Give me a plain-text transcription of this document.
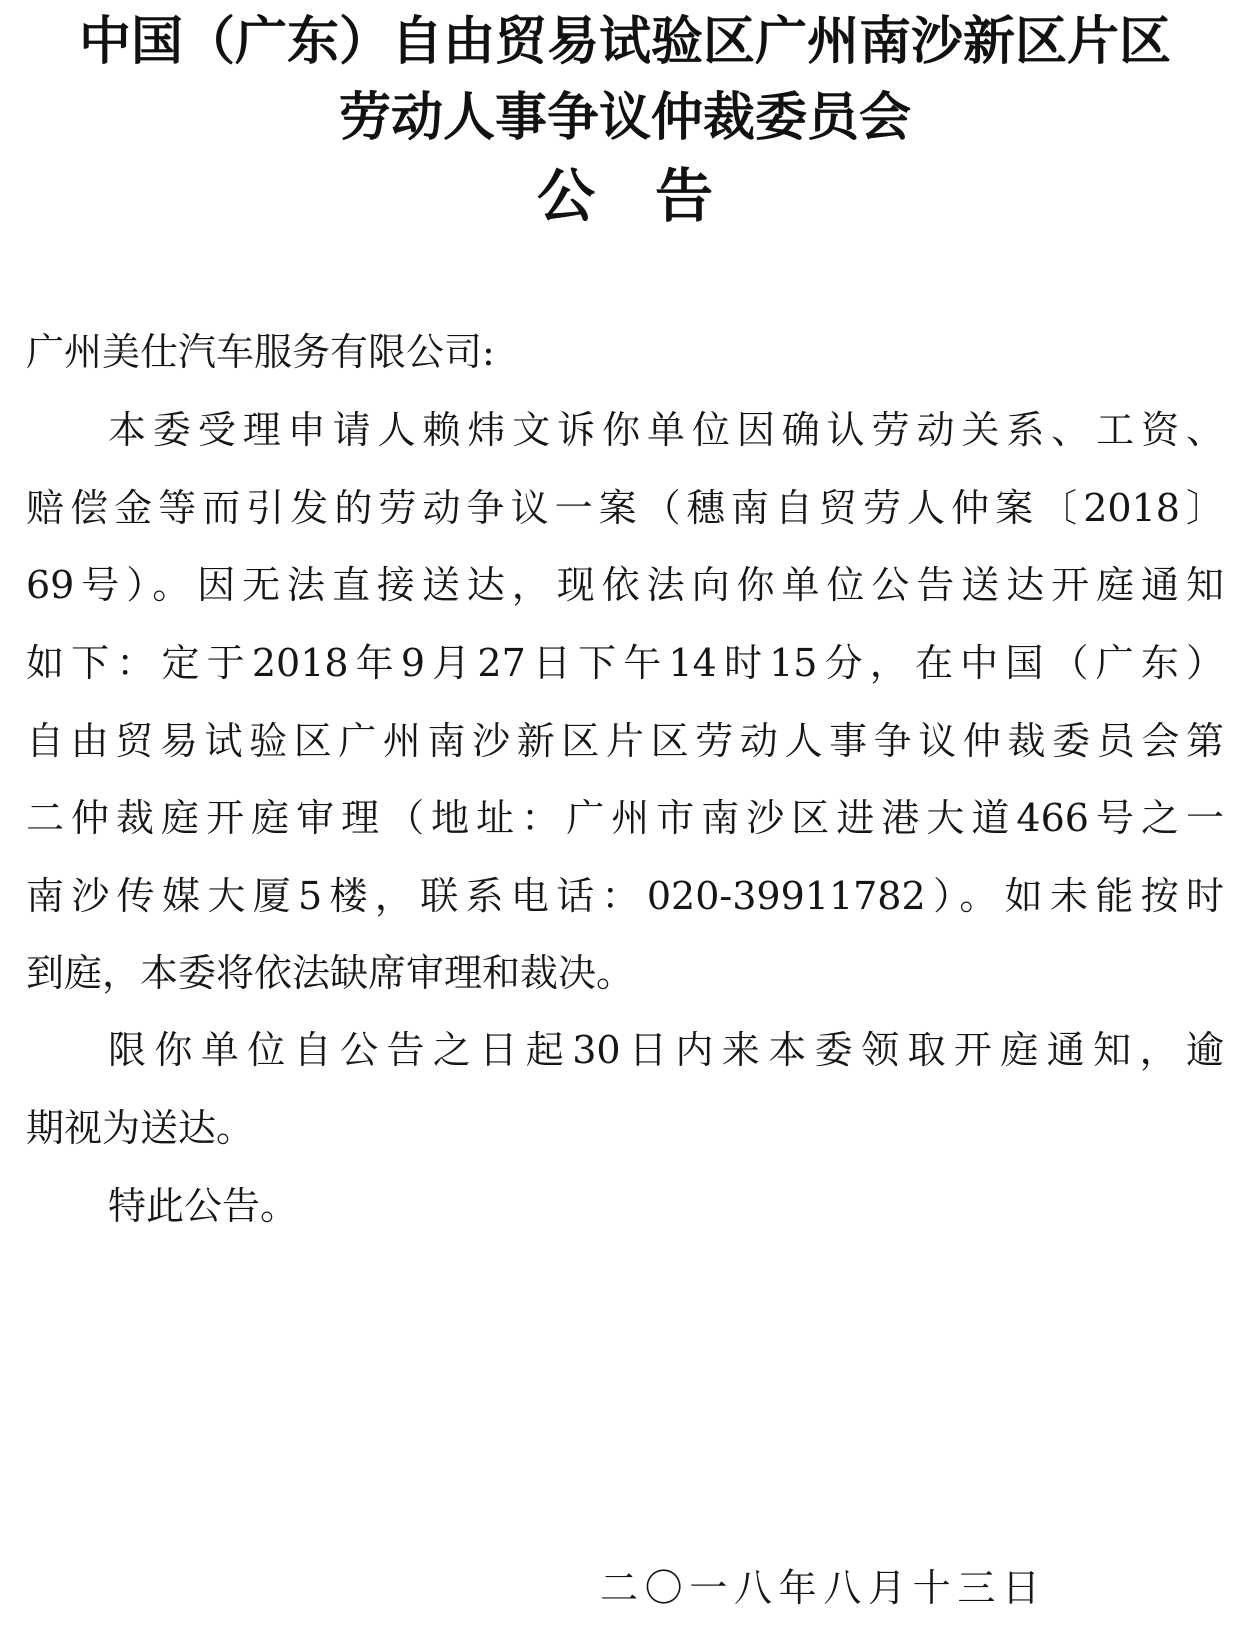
中国（广东）自由贸易试验区广州南沙新区片区
劳动人事争议仲裁委员会
公告
广州美仕汽车服务有限公司:
本委受理申请人赖炜文诉你单位因确认劳动关系、工资、
赔偿金等而引发的劳动争议一案（穗南自贸劳人仲案〔2018〕
69号）。因无法直接送达，现依法向你单位公告送达开庭通知
如下：定于2018年9月27日下午14时15分，在中国（广东）
自由贸易试验区广州南沙新区片区劳动人事争议仲裁委员会第
二仲裁庭开庭审理（地址：广州市南沙区进港大道466号之一
南沙传媒大厦5楼，联系电话：020-39911782）。如未能按时
到庭，本委将依法缺席审理和裁决。
限你单位自公告之日起30日内来本委领取开庭通知，逾
期视为送达。
特此公告。
二〇一八年八月十三日
